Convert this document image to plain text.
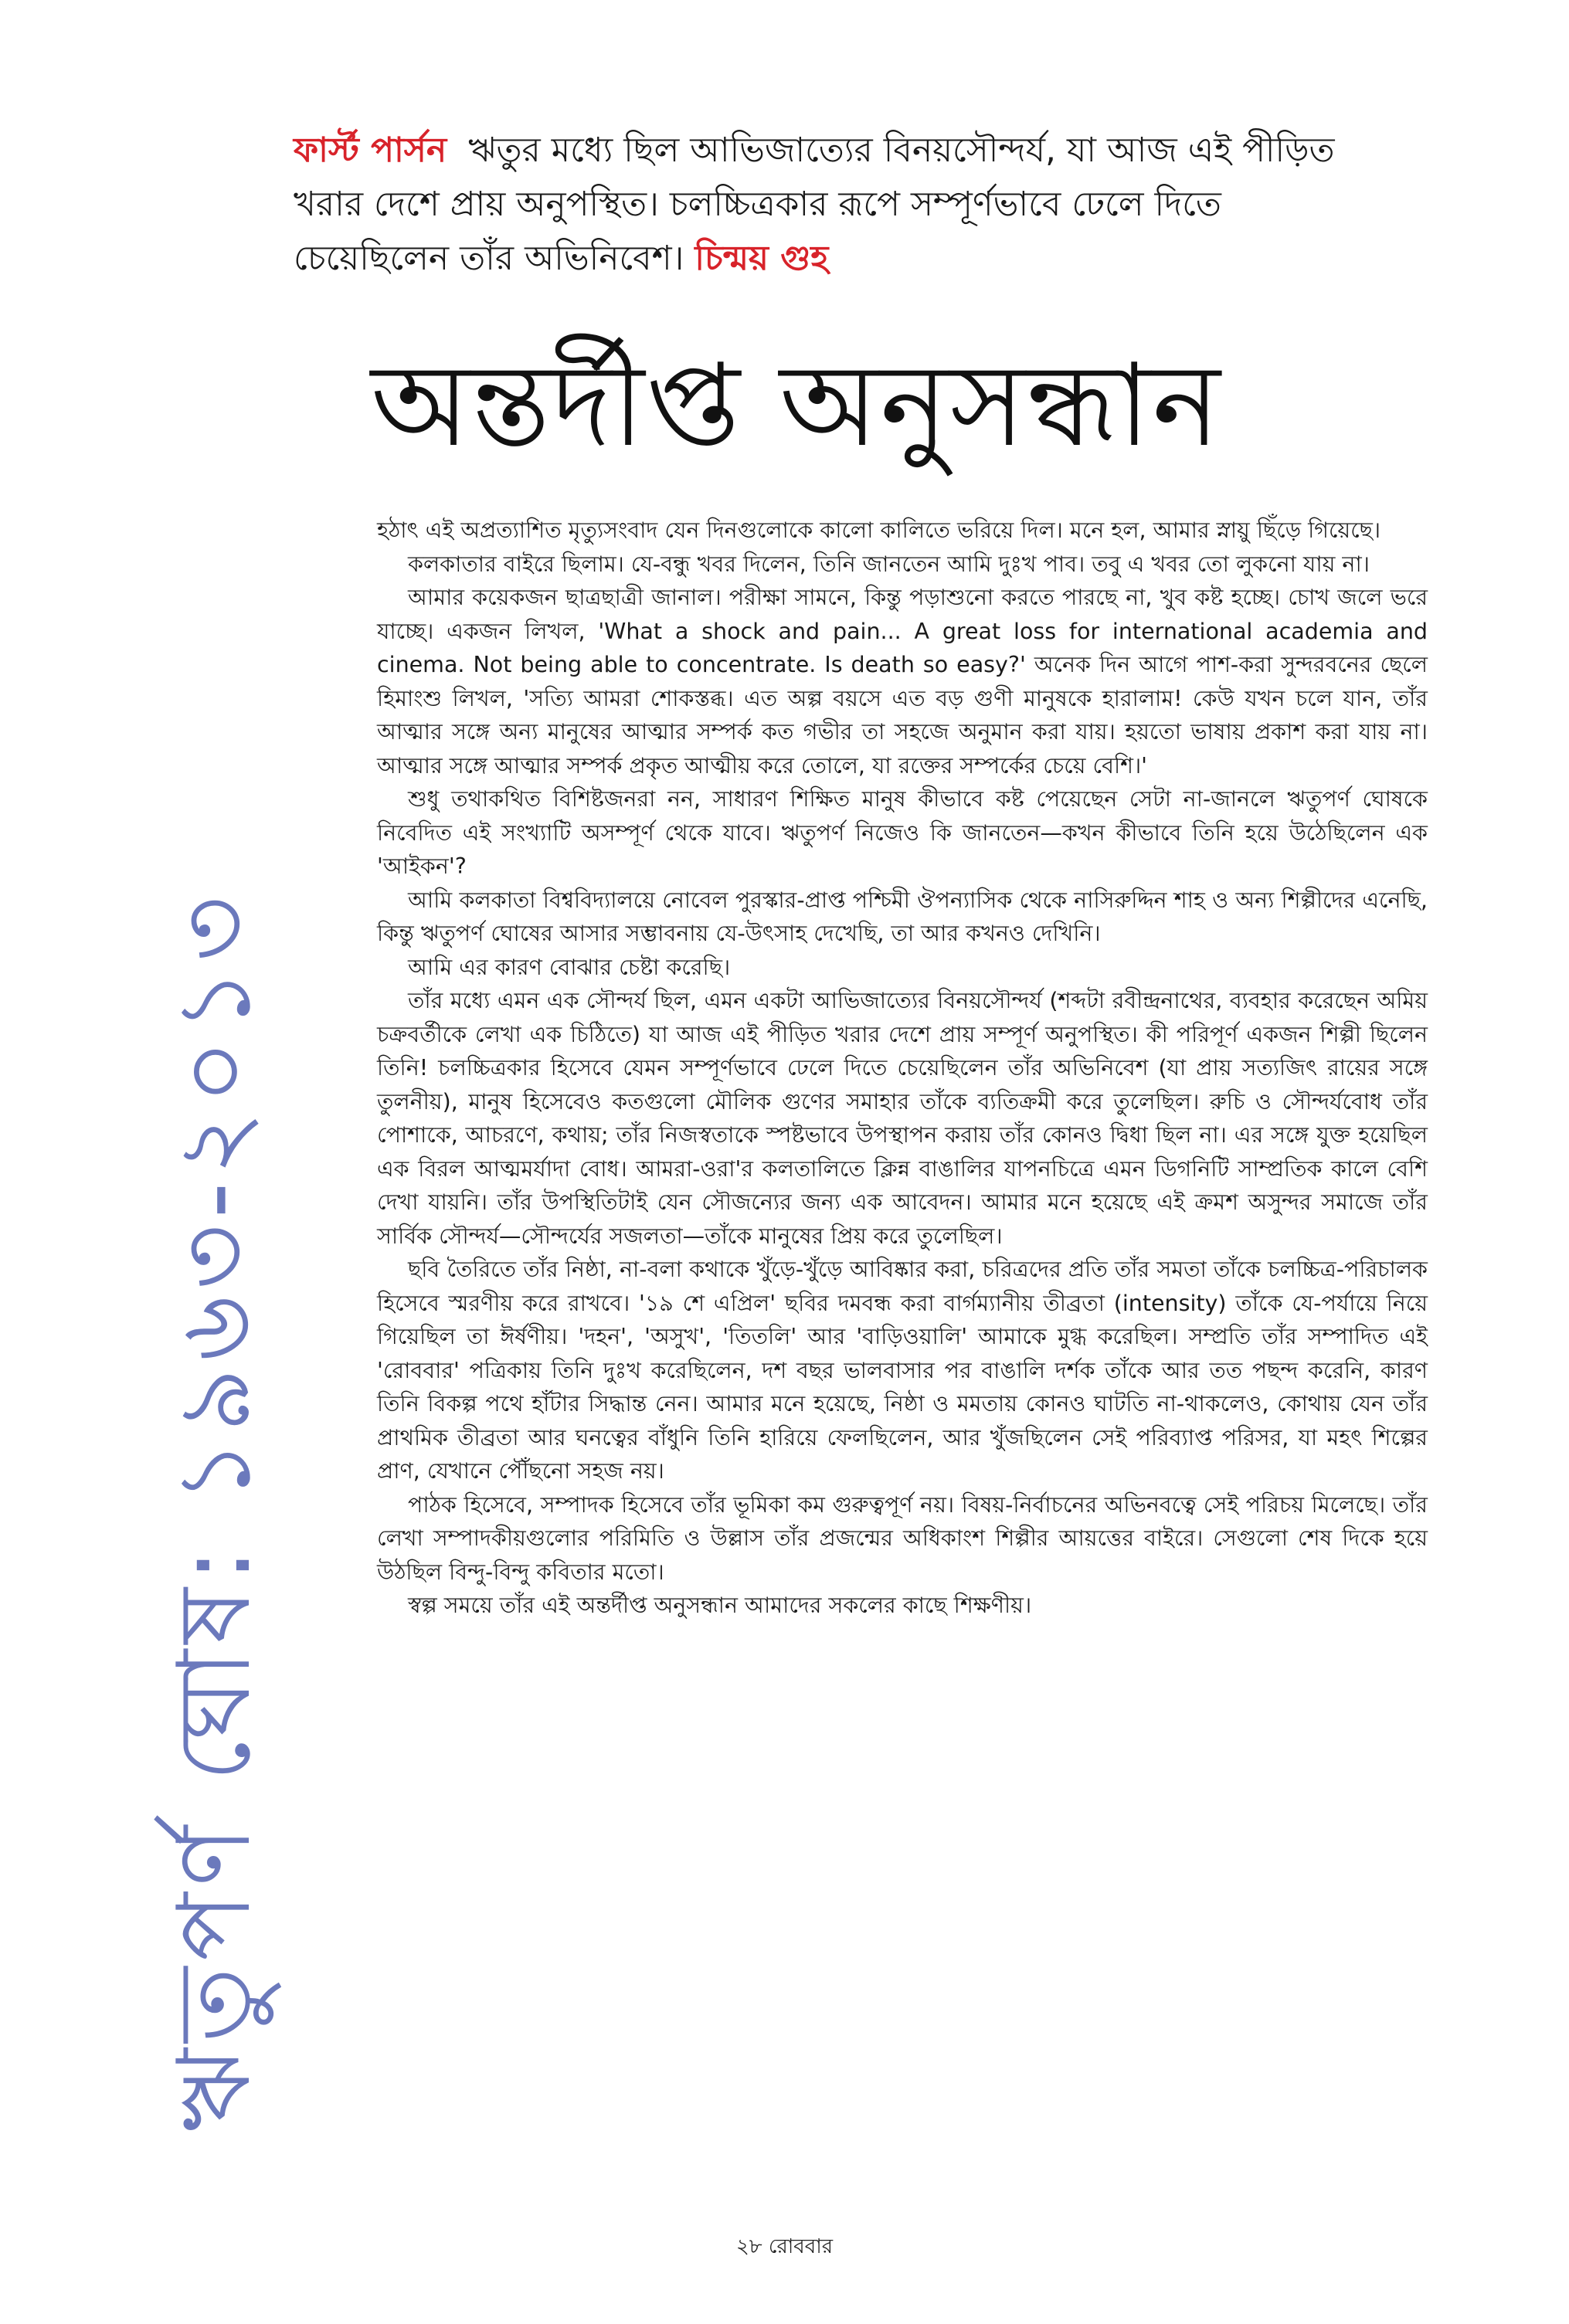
ঋতুপর্ণ ঘোষ: ১৯৬৩-২০১৩
ফার্স্ট পার্সন ঋতুর মধ্যে ছিল আভিজাত্যের বিনয়সৌন্দর্য, যা আজ এই পীড়িত খরার দেশে প্রায় অনুপস্থিত। চলচ্চিত্রকার রূপে সম্পূর্ণভাবে ঢেলে দিতে চেয়েছিলেন তাঁর অভিনিবেশ। চিন্ময় গুহ
অন্তর্দীপ্ত অনুসন্ধান

হঠাৎ এই অপ্রত্যাশিত মৃত্যুসংবাদ যেন দিনগুলোকে কালো কালিতে ভরিয়ে দিল। মনে হল, আমার স্নায়ু ছিঁড়ে গিয়েছে।

কলকাতার বাইরে ছিলাম। যে-বন্ধু খবর দিলেন, তিনি জানতেন আমি দুঃখ পাব। তবু এ খবর তো লুকনো যায় না।

আমার কয়েকজন ছাত্রছাত্রী জানাল। পরীক্ষা সামনে, কিন্তু পড়াশুনো করতে পারছে না, খুব কষ্ট হচ্ছে। চোখ জলে ভরে যাচ্ছে। একজন লিখল, 'What a shock and pain... A great loss for international academia and cinema. Not being able to concentrate. Is death so easy?' অনেক দিন আগে পাশ-করা সুন্দরবনের ছেলে হিমাংশু লিখল, 'সত্যি আমরা শোকস্তব্ধ। এত অল্প বয়সে এত বড় গুণী মানুষকে হারালাম! কেউ যখন চলে যান, তাঁর আত্মার সঙ্গে অন্য মানুষের আত্মার সম্পর্ক কত গভীর তা সহজে অনুমান করা যায়। হয়তো ভাষায় প্রকাশ করা যায় না। আত্মার সঙ্গে আত্মার সম্পর্ক প্রকৃত আত্মীয় করে তোলে, যা রক্তের সম্পর্কের চেয়ে বেশি।'

শুধু তথাকথিত বিশিষ্টজনরা নন, সাধারণ শিক্ষিত মানুষ কীভাবে কষ্ট পেয়েছেন সেটা না-জানলে ঋতুপর্ণ ঘোষকে নিবেদিত এই সংখ্যাটি অসম্পূর্ণ থেকে যাবে। ঋতুপর্ণ নিজেও কি জানতেন—কখন কীভাবে তিনি হয়ে উঠেছিলেন এক 'আইকন'?

আমি কলকাতা বিশ্ববিদ্যালয়ে নোবেল পুরস্কার-প্রাপ্ত পশ্চিমী ঔপন্যাসিক থেকে নাসিরুদ্দিন শাহ ও অন্য শিল্পীদের এনেছি, কিন্তু ঋতুপর্ণ ঘোষের আসার সম্ভাবনায় যে-উৎসাহ দেখেছি, তা আর কখনও দেখিনি।

আমি এর কারণ বোঝার চেষ্টা করেছি।

তাঁর মধ্যে এমন এক সৌন্দর্য ছিল, এমন একটা আভিজাত্যের বিনয়সৌন্দর্য (শব্দটা রবীন্দ্রনাথের, ব্যবহার করেছেন অমিয় চক্রবর্তীকে লেখা এক চিঠিতে) যা আজ এই পীড়িত খরার দেশে প্রায় সম্পূর্ণ অনুপস্থিত। কী পরিপূর্ণ একজন শিল্পী ছিলেন তিনি! চলচ্চিত্রকার হিসেবে যেমন সম্পূর্ণভাবে ঢেলে দিতে চেয়েছিলেন তাঁর অভিনিবেশ (যা প্রায় সত্যজিৎ রায়ের সঙ্গে তুলনীয়), মানুষ হিসেবেও কতগুলো মৌলিক গুণের সমাহার তাঁকে ব্যতিক্রমী করে তুলেছিল। রুচি ও সৌন্দর্যবোধ তাঁর পোশাকে, আচরণে, কথায়; তাঁর নিজস্বতাকে স্পষ্টভাবে উপস্থাপন করায় তাঁর কোনও দ্বিধা ছিল না। এর সঙ্গে যুক্ত হয়েছিল এক বিরল আত্মমর্যাদা বোধ। আমরা-ওরা'র কলতালিতে ক্লিন্ন বাঙালির যাপনচিত্রে এমন ডিগনিটি সাম্প্রতিক কালে বেশি দেখা যায়নি। তাঁর উপস্থিতিটাই যেন সৌজন্যের জন্য এক আবেদন। আমার মনে হয়েছে এই ক্রমশ অসুন্দর সমাজে তাঁর সার্বিক সৌন্দর্য—সৌন্দর্যের সজলতা—তাঁকে মানুষের প্রিয় করে তুলেছিল।

ছবি তৈরিতে তাঁর নিষ্ঠা, না-বলা কথাকে খুঁড়ে-খুঁড়ে আবিষ্কার করা, চরিত্রদের প্রতি তাঁর সমতা তাঁকে চলচ্চিত্র-পরিচালক হিসেবে স্মরণীয় করে রাখবে। '১৯ শে এপ্রিল' ছবির দমবন্ধ করা বার্গম্যানীয় তীব্রতা (intensity) তাঁকে যে-পর্যায়ে নিয়ে গিয়েছিল তা ঈর্ষণীয়। 'দহন', 'অসুখ', 'তিতলি' আর 'বাড়িওয়ালি' আমাকে মুগ্ধ করেছিল। সম্প্রতি তাঁর সম্পাদিত এই 'রোববার' পত্রিকায় তিনি দুঃখ করেছিলেন, দশ বছর ভালবাসার পর বাঙালি দর্শক তাঁকে আর তত পছন্দ করেনি, কারণ তিনি বিকল্প পথে হাঁটার সিদ্ধান্ত নেন। আমার মনে হয়েছে, নিষ্ঠা ও মমতায় কোনও ঘাটতি না-থাকলেও, কোথায় যেন তাঁর প্রাথমিক তীব্রতা আর ঘনত্বের বাঁধুনি তিনি হারিয়ে ফেলছিলেন, আর খুঁজছিলেন সেই পরিব্যাপ্ত পরিসর, যা মহৎ শিল্পের প্রাণ, যেখানে পৌঁছনো সহজ নয়।

পাঠক হিসেবে, সম্পাদক হিসেবে তাঁর ভূমিকা কম গুরুত্বপূর্ণ নয়। বিষয়-নির্বাচনের অভিনবত্বে সেই পরিচয় মিলেছে। তাঁর লেখা সম্পাদকীয়গুলোর পরিমিতি ও উল্লাস তাঁর প্রজন্মের অধিকাংশ শিল্পীর আয়ত্তের বাইরে। সেগুলো শেষ দিকে হয়ে উঠছিল বিন্দু-বিন্দু কবিতার মতো।

স্বল্প সময়ে তাঁর এই অন্তর্দীপ্ত অনুসন্ধান আমাদের সকলের কাছে শিক্ষণীয়।

২৮ রোববার
